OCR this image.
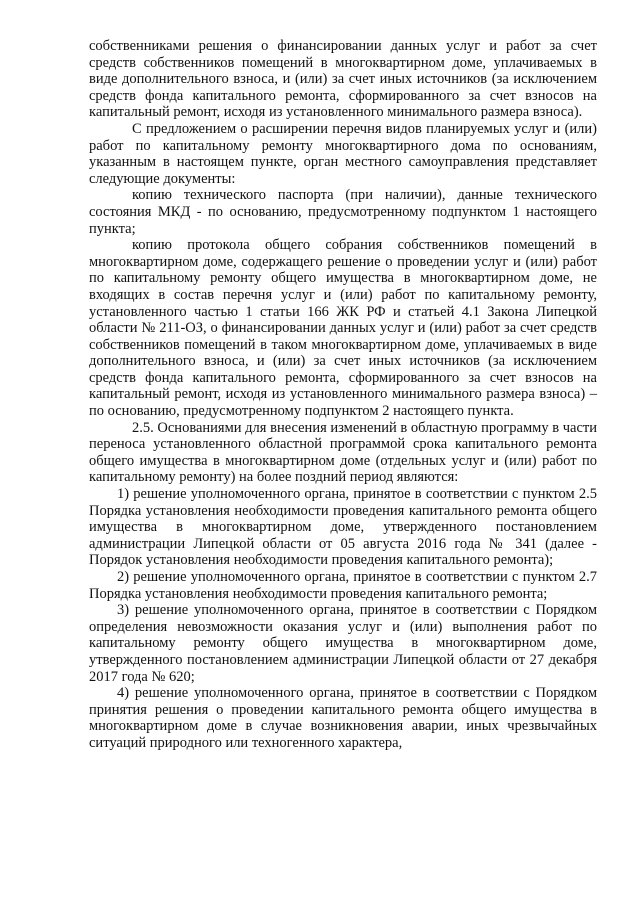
собственниками решения о финансировании данных услуг и работ за счет средств собственников помещений в многоквартирном доме, уплачиваемых в виде дополнительного взноса, и (или) за счет иных источников (за исключением средств фонда капитального ремонта, сформированного за счет взносов на капитальный ремонт, исходя из установленного минимального размера взноса).

С предложением о расширении перечня видов планируемых услуг и (или) работ по капитальному ремонту многоквартирного дома по основаниям, указанным в настоящем пункте, орган местного самоуправления представляет следующие документы:

копию технического паспорта (при наличии), данные технического состояния МКД - по основанию, предусмотренному подпунктом 1 настоящего пункта;

копию протокола общего собрания собственников помещений в многоквартирном доме, содержащего решение о проведении услуг и (или) работ по капитальному ремонту общего имущества в многоквартирном доме, не входящих в состав перечня услуг и (или) работ по капитальному ремонту, установленного частью 1 статьи 166 ЖК РФ и статьей 4.1 Закона Липецкой области № 211-ОЗ, о финансировании данных услуг и (или) работ за счет средств собственников помещений в таком многоквартирном доме, уплачиваемых в виде дополнительного взноса, и (или) за счет иных источников (за исключением средств фонда капитального ремонта, сформированного за счет взносов на капитальный ремонт, исходя из установленного минимального размера взноса) – по основанию, предусмотренному подпунктом 2 настоящего пункта.

2.5. Основаниями для внесения изменений в областную программу в части переноса установленного областной программой срока капитального ремонта общего имущества в многоквартирном доме (отдельных услуг и (или) работ по капитальному ремонту) на более поздний период являются:

1) решение уполномоченного органа, принятое в соответствии с пунктом 2.5 Порядка установления необходимости проведения капитального ремонта общего имущества в многоквартирном доме, утвержденного постановлением администрации Липецкой области от 05 августа 2016 года № 341 (далее - Порядок установления необходимости проведения капитального ремонта);

2) решение уполномоченного органа, принятое в соответствии с пунктом 2.7 Порядка установления необходимости проведения капитального ремонта;

3) решение уполномоченного органа, принятое в соответствии с Порядком определения невозможности оказания услуг и (или) выполнения работ по капитальному ремонту общего имущества в многоквартирном доме, утвержденного постановлением администрации Липецкой области от 27 декабря 2017 года № 620;

4) решение уполномоченного органа, принятое в соответствии с Порядком принятия решения о проведении капитального ремонта общего имущества в многоквартирном доме в случае возникновения аварии, иных чрезвычайных ситуаций природного или техногенного характера,
